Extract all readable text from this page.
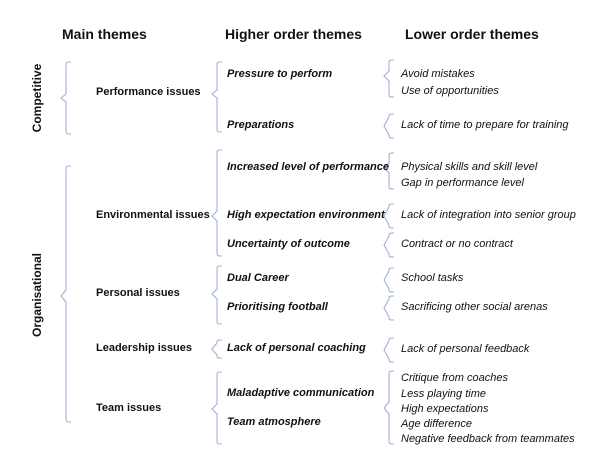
Main themes	Higher order themes	Lower order themes
Competitive
Organisational
Performance issues
Environmental issues
Personal issues
Leadership issues
Team issues
Pressure to perform
Preparations
Increased level of performance
High expectation environment
Uncertainty of outcome
Dual Career
Prioritising football
Lack of personal coaching
Maladaptive communication
Team atmosphere
Avoid mistakes
Use of opportunities
Lack of time to prepare for training
Physical skills and skill level
Gap in performance level
Lack of integration into senior group
Contract or no contract
School tasks
Sacrificing other social arenas
Lack of personal feedback
Critique from coaches
Less playing time
High expectations
Age difference
Negative feedback from teammates
